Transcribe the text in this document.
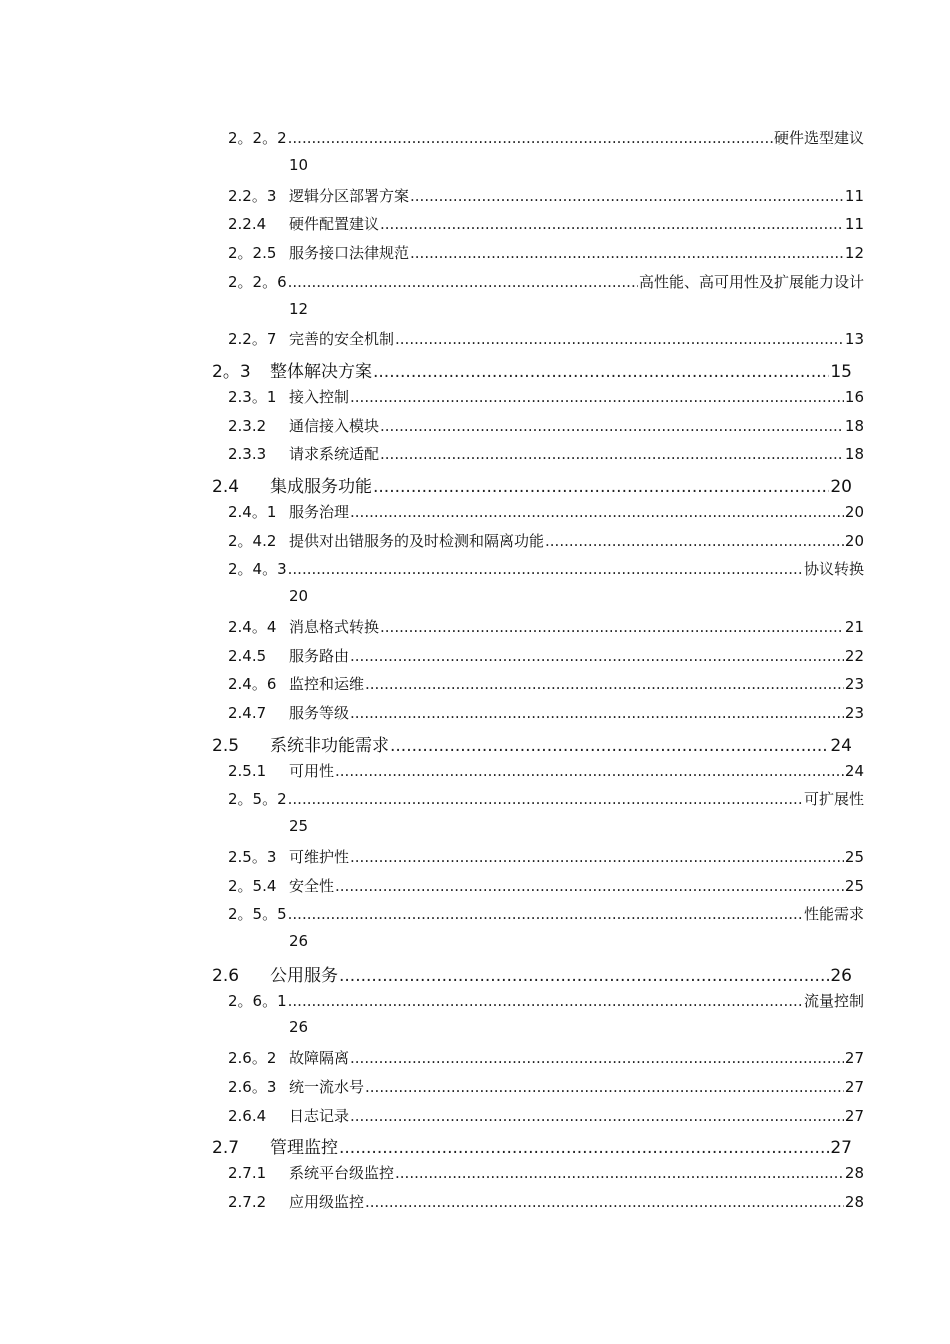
2。2。2 .....	硬件选型建议
10
2.2。3 逻辑分区部署方案 .....	11
2.2.4	硬件配置建议 .....	11
2。2.5 服务接口法律规范 .....	12
2。2。6 .....	高性能、高可用性及扩展能力设计
12
2.2。7 完善的安全机制 .....	13
2。3	整体解决方案 .....	15
2.3。1 接入控制 .....	16
2.3.2	通信接入模块 .....	18
2.3.3	请求系统适配 .....	18
2.4	集成服务功能 .....	20
2.4。1 服务治理 .....	20
2。4.2 提供对出错服务的及时检测和隔离功能 .....	20
2。4。3 .....	协议转换
20
2.4。4 消息格式转换 .....	21
2.4.5	服务路由 .....	22
2.4。6 监控和运维 .....	23
2.4.7	服务等级 .....	23
2.5	系统非功能需求 .....	24
2.5.1	可用性 .....	24
2。5。2 .....	可扩展性
25
2.5。3 可维护性 .....	25
2。5.4 安全性 .....	25
2。5。5 .....	性能需求
26
2.6	公用服务 .....	26
2。6。1 .....	流量控制
26
2.6。2 故障隔离 .....	27
2.6。3 统一流水号 .....	27
2.6.4	日志记录 .....	27
2.7	管理监控 .....	27
2.7.1	系统平台级监控 .....	28
2.7.2	应用级监控 .....	28
